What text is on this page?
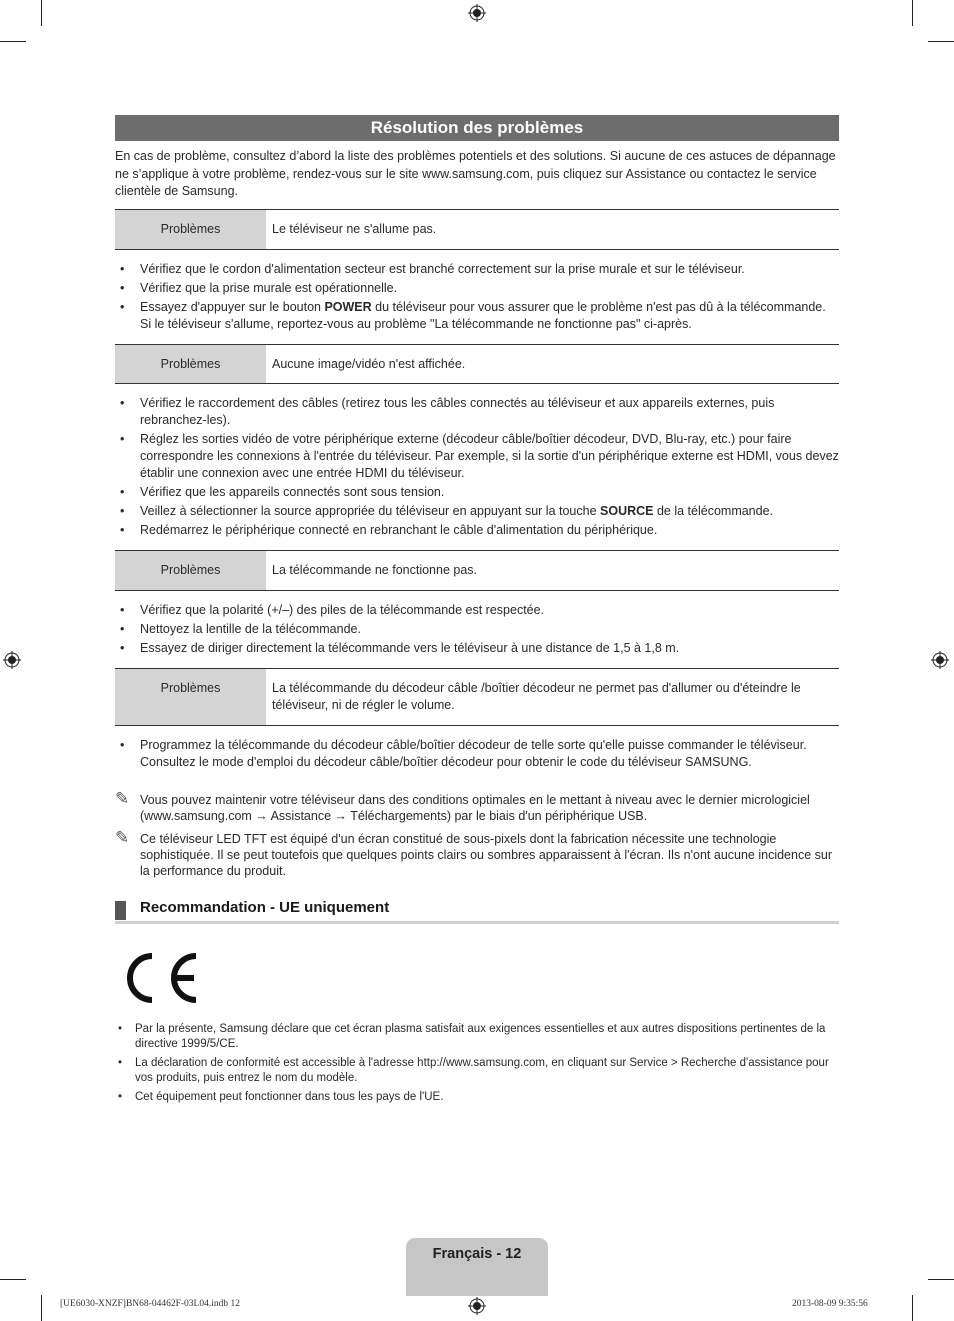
Résolution des problèmes
En cas de problème, consultez d’abord la liste des problèmes potentiels et des solutions. Si aucune de ces astuces de dépannage ne s’applique à votre problème, rendez-vous sur le site www.samsung.com, puis cliquez sur Assistance ou contactez le service clientèle de Samsung.
Problèmes	Le téléviseur ne s'allume pas.
• Vérifiez que le cordon d'alimentation secteur est branché correctement sur la prise murale et sur le téléviseur.
• Vérifiez que la prise murale est opérationnelle.
• Essayez d'appuyer sur le bouton POWER du téléviseur pour vous assurer que le problème n'est pas dû à la télécommande. Si le téléviseur s'allume, reportez-vous au problème "La télécommande ne fonctionne pas" ci-après.
Problèmes	Aucune image/vidéo n'est affichée.
• Vérifiez le raccordement des câbles (retirez tous les câbles connectés au téléviseur et aux appareils externes, puis rebranchez-les).
• Réglez les sorties vidéo de votre périphérique externe (décodeur câble/boîtier décodeur, DVD, Blu-ray, etc.) pour faire correspondre les connexions à l'entrée du téléviseur. Par exemple, si la sortie d'un périphérique externe est HDMI, vous devez établir une connexion avec une entrée HDMI du téléviseur.
• Vérifiez que les appareils connectés sont sous tension.
• Veillez à sélectionner la source appropriée du téléviseur en appuyant sur la touche SOURCE de la télécommande.
• Redémarrez le périphérique connecté en rebranchant le câble d'alimentation du périphérique.
Problèmes	La télécommande ne fonctionne pas.
• Vérifiez que la polarité (+/–) des piles de la télécommande est respectée.
• Nettoyez la lentille de la télécommande.
• Essayez de diriger directement la télécommande vers le téléviseur à une distance de 1,5 à 1,8 m.
Problèmes	La télécommande du décodeur câble /boîtier décodeur ne permet pas d'allumer ou d'éteindre le téléviseur, ni de régler le volume.
• Programmez la télécommande du décodeur câble/boîtier décodeur de telle sorte qu'elle puisse commander le téléviseur. Consultez le mode d'emploi du décodeur câble/boîtier décodeur pour obtenir le code du téléviseur SAMSUNG.
✎ Vous pouvez maintenir votre téléviseur dans des conditions optimales en le mettant à niveau avec le dernier micrologiciel (www.samsung.com → Assistance → Téléchargements) par le biais d'un périphérique USB.
✎ Ce téléviseur LED TFT est équipé d'un écran constitué de sous-pixels dont la fabrication nécessite une technologie sophistiquée. Il se peut toutefois que quelques points clairs ou sombres apparaissent à l'écran. Ils n'ont aucune incidence sur la performance du produit.
Recommandation - UE uniquement
• Par la présente, Samsung déclare que cet écran plasma satisfait aux exigences essentielles et aux autres dispositions pertinentes de la directive 1999/5/CE.
• La déclaration de conformité est accessible à l'adresse http://www.samsung.com, en cliquant sur Service > Recherche d'assistance pour vos produits, puis entrez le nom du modèle.
• Cet équipement peut fonctionner dans tous les pays de l'UE.
Français - 12
[UE6030-XNZF]BN68-04462F-03L04.indb 12	2013-08-09 9:35:56
